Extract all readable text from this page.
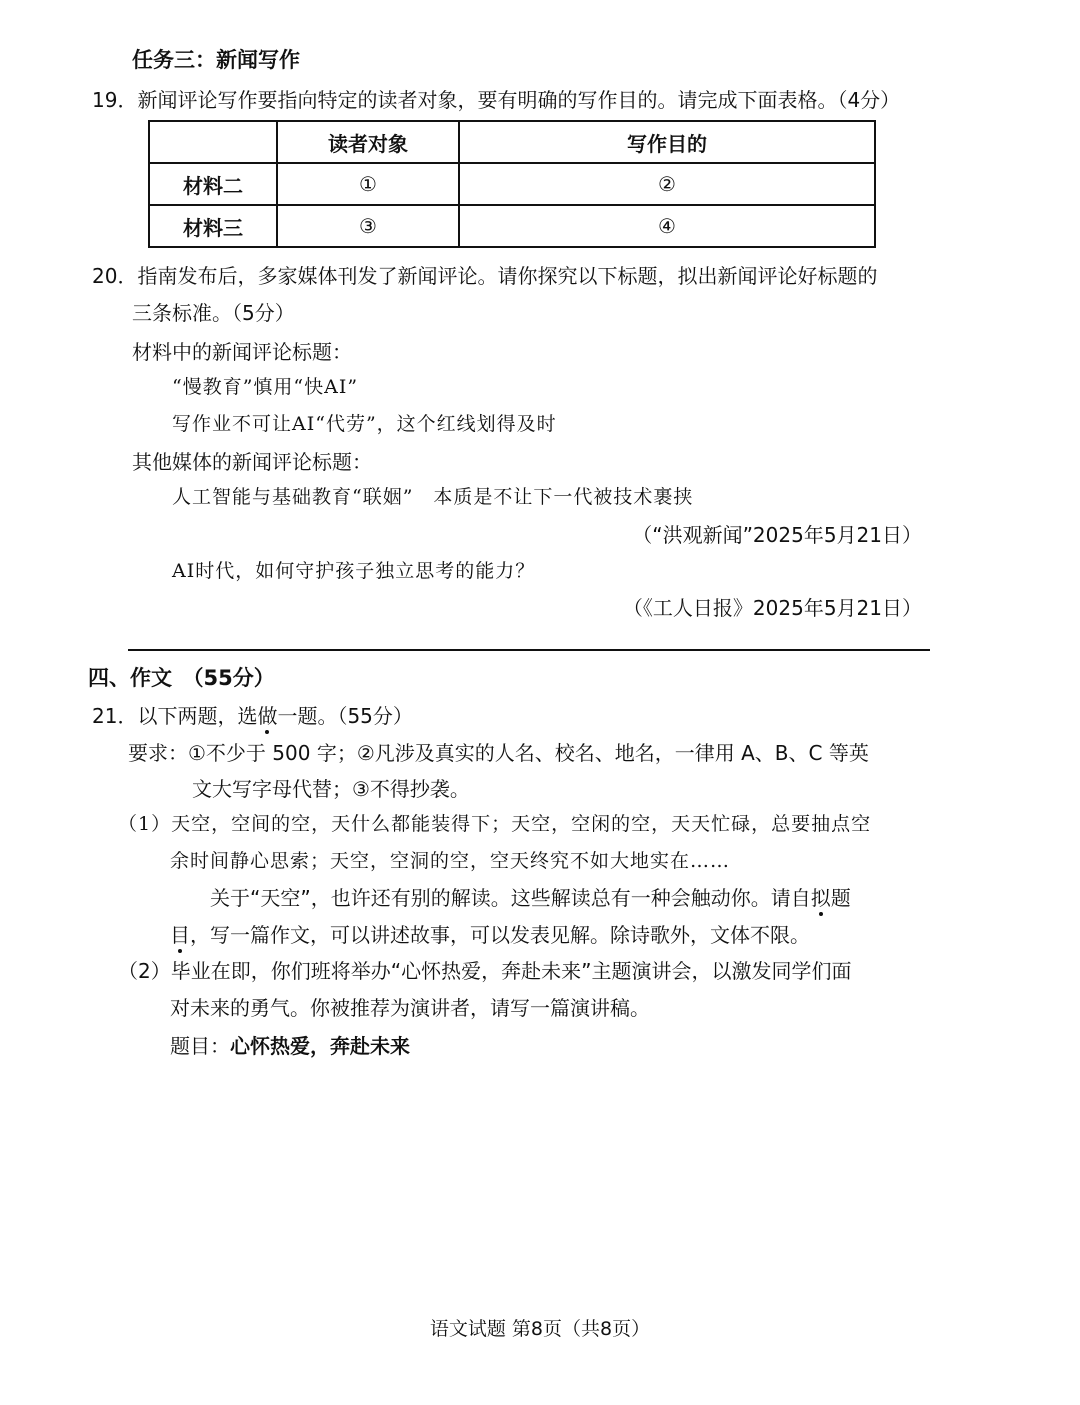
任务三：新闻写作
19．新闻评论写作要指向特定的读者对象，要有明确的写作目的。请完成下面表格。（4分）
	读者对象	写作目的
材料二	①	②
材料三	③	④
20．指南发布后，多家媒体刊发了新闻评论。请你探究以下标题，拟出新闻评论好标题的
三条标准。（5分）
材料中的新闻评论标题：
“慢教育”慎用“快AI”
写作业不可让AI“代劳”，这个红线划得及时
其他媒体的新闻评论标题：
人工智能与基础教育“联姻”　本质是不让下一代被技术裹挟
（“洪观新闻”2025年5月21日）
AI时代，如何守护孩子独立思考的能力？
（《工人日报》2025年5月21日）
四、作文　（55分）
21．以下两题，选做一题。（55分）
要求：①不少于 500 字；②凡涉及真实的人名、校名、地名，一律用 A、B、C 等英
文大写字母代替；③不得抄袭。
（1）天空，空间的空，天什么都能装得下；天空，空闲的空，天天忙碌，总要抽点空
余时间静心思索；天空，空洞的空，空天终究不如大地实在……
关于“天空”，也许还有别的解读。这些解读总有一种会触动你。请自拟题
目，写一篇作文，可以讲述故事，可以发表见解。除诗歌外，文体不限。
（2）毕业在即，你们班将举办“心怀热爱，奔赴未来”主题演讲会，以激发同学们面
对未来的勇气。你被推荐为演讲者，请写一篇演讲稿。
题目：心怀热爱，奔赴未来
语文试题 第8页（共8页）
